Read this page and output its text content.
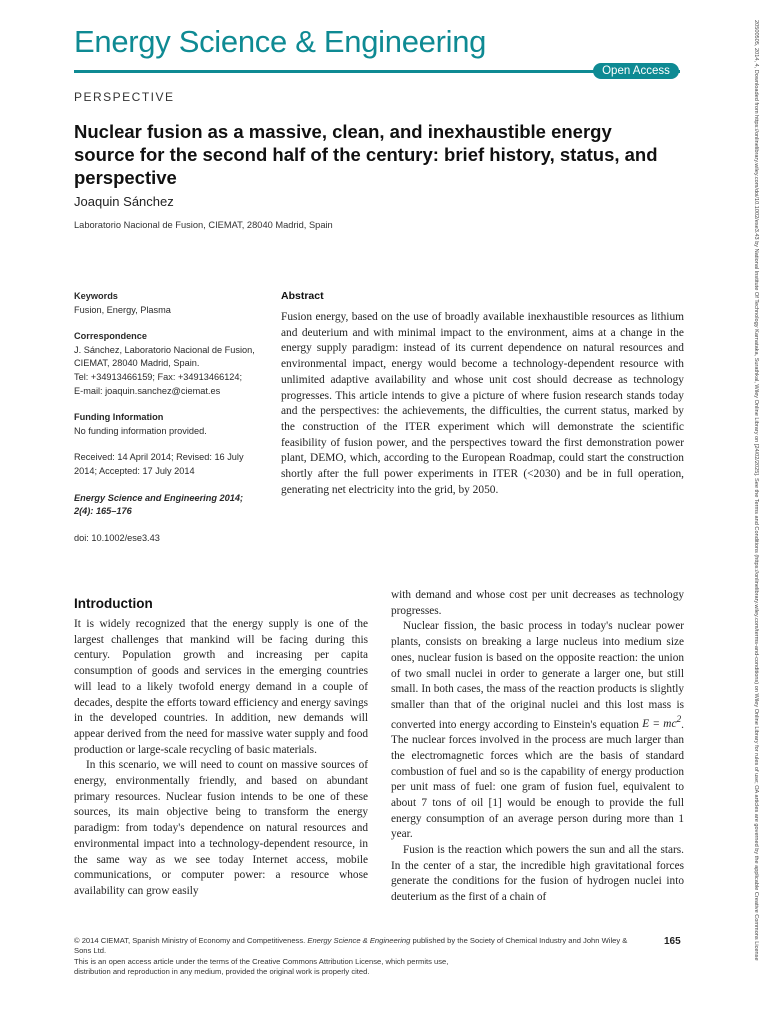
Energy Science & Engineering
Open Access
PERSPECTIVE
Nuclear fusion as a massive, clean, and inexhaustible energy source for the second half of the century: brief history, status, and perspective
Joaquin Sánchez
Laboratorio Nacional de Fusion, CIEMAT, 28040 Madrid, Spain

Keywords

Fusion, Energy, Plasma

Correspondence

J. Sánchez, Laboratorio Nacional de Fusion,

CIEMAT, 28040 Madrid, Spain.

Tel: +34913466159; Fax: +34913466124;

E-mail: joaquin.sanchez@ciemat.es

Funding Information

No funding information provided.

Received: 14 April 2014; Revised: 16 July

2014; Accepted: 17 July 2014

Energy Science and Engineering 2014;

2(4): 165–176

doi: 10.1002/ese3.43

Abstract

Fusion energy, based on the use of broadly available inexhaustible resources as lithium and deuterium and with minimal impact to the environment, aims at a change in the energy supply paradigm: instead of its current dependence on natural resources and environmental impact, energy would become a technology-dependent resource with unlimited adaptive availability and whose unit cost should decrease as technology progresses. This article intends to give a picture of where fusion research stands today and the perspectives: the achievements, the difficulties, the current status, marked by the construction of the ITER experiment which will demonstrate the scientific feasibility of fusion power, and the perspectives toward the first demonstration power plant, DEMO, which, according to the European Roadmap, could start the construction shortly after the full power experiments in ITER (<2030) and be in full operation, generating net electricity into the grid, by 2050.

Introduction

It is widely recognized that the energy supply is one of the largest challenges that mankind will be facing during this century. Population growth and increasing per capita consumption of goods and services in the emerging countries will lead to a likely twofold energy demand in a couple of decades, despite the efforts toward efficiency and energy savings in the developed countries. In addition, new demands will appear derived from the need for massive water supply and food production or large-scale recycling of basic materials.

In this scenario, we will need to count on massive sources of energy, environmentally friendly, and based on abundant primary resources. Nuclear fusion intends to be one of these sources, its main objective being to transform the energy paradigm: from today's dependence on natural resources and environmental impact into a technology-dependent resource, in the same way as we see today Internet access, mobile communications, or computer power: a resource whose availability can grow easily

with demand and whose cost per unit decreases as technology progresses.

Nuclear fission, the basic process in today's nuclear power plants, consists on breaking a large nucleus into medium size ones, nuclear fusion is based on the opposite reaction: the union of two small nuclei in order to generate a larger one, but still small. In both cases, the mass of the reaction products is slightly smaller than that of the original nuclei and this lost mass is converted into energy according to Einstein's equation $E = mc^2$. The nuclear forces involved in the process are much larger than the electromagnetic forces which are the basis of standard combustion of fuel and so is the capability of energy production per unit mass of fuel: one gram of fusion fuel, equivalent to about 7 tons of oil [1] would be enough to provide the full energy consumption of an average person during more than 1 year.

Fusion is the reaction which powers the sun and all the stars. In the center of a star, the incredible high gravitational forces generate the conditions for the fusion of hydrogen nuclei into deuterium as the first of a chain of

© 2014 CIEMAT, Spanish Ministry of Economy and Competitiveness. Energy Science & Engineering published by the Society of Chemical Industry and John Wiley & Sons Ltd.

This is an open access article under the terms of the Creative Commons Attribution License, which permits use,

distribution and reproduction in any medium, provided the original work is properly cited.

165	20500505, 2014, 4, Downloaded from https://onlinelibrary.wiley.com/doi/10.1002/ese3.43 by National Institute Of Technology Karnataka, Surathkal, Wiley Online Library on [24/02/2025]. See the Terms and Conditions (https://onlinelibrary.wiley.com/terms-and-conditions) on Wiley Online Library for rules of use; OA articles are governed by the applicable Creative Commons License
